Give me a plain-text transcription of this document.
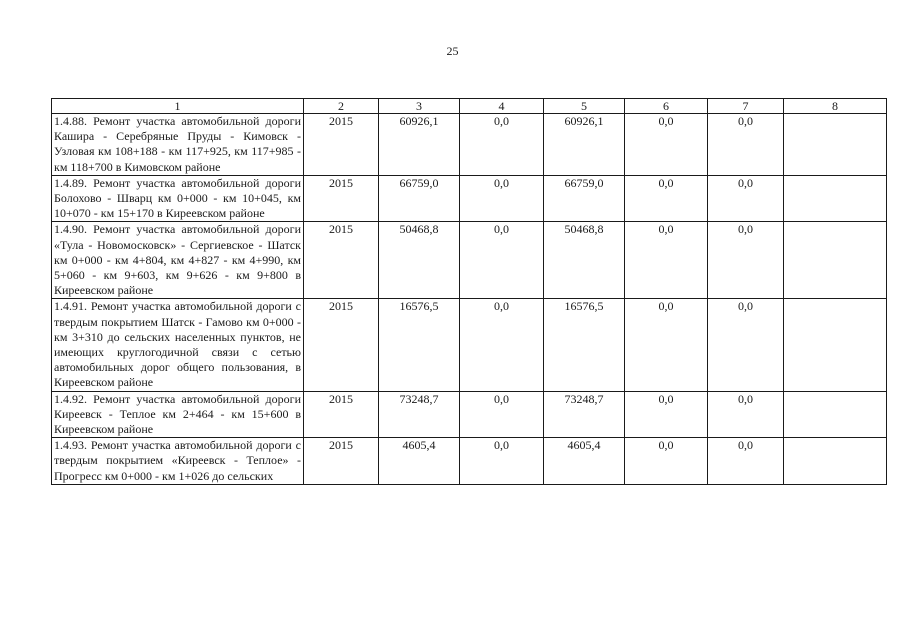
25
1	2	3	4	5	6	7	8
1.4.88. Ремонт участка автомобильной дороги Кашира - Серебряные Пруды - Кимовск - Узловая км 108+188 - км 117+925, км 117+985 - км 118+700 в Кимовском районе	2015	60926,1	0,0	60926,1	0,0	0,0	
1.4.89. Ремонт участка автомобильной дороги Болохово - Шварц км 0+000 - км 10+045, км 10+070 - км 15+170 в Киреевском районе	2015	66759,0	0,0	66759,0	0,0	0,0	
1.4.90. Ремонт участка автомобильной дороги «Тула - Новомосковск» - Сергиевское - Шатск км 0+000 - км 4+804, км 4+827 - км 4+990, км 5+060 - км 9+603, км 9+626 - км 9+800 в Киреевском районе	2015	50468,8	0,0	50468,8	0,0	0,0	
1.4.91. Ремонт участка автомобильной дороги с твердым покрытием Шатск - Гамово км 0+000 - км 3+310 до сельских населенных пунктов, не имеющих круглогодичной связи с сетью автомобильных дорог общего пользования, в Киреевском районе	2015	16576,5	0,0	16576,5	0,0	0,0	
1.4.92. Ремонт участка автомобильной дороги Киреевск - Теплое км 2+464 - км 15+600 в Киреевском районе	2015	73248,7	0,0	73248,7	0,0	0,0	
1.4.93. Ремонт участка автомобильной дороги с твердым покрытием «Киреевск - Теплое» - Прогресс км 0+000 - км 1+026 до сельских	2015	4605,4	0,0	4605,4	0,0	0,0	
